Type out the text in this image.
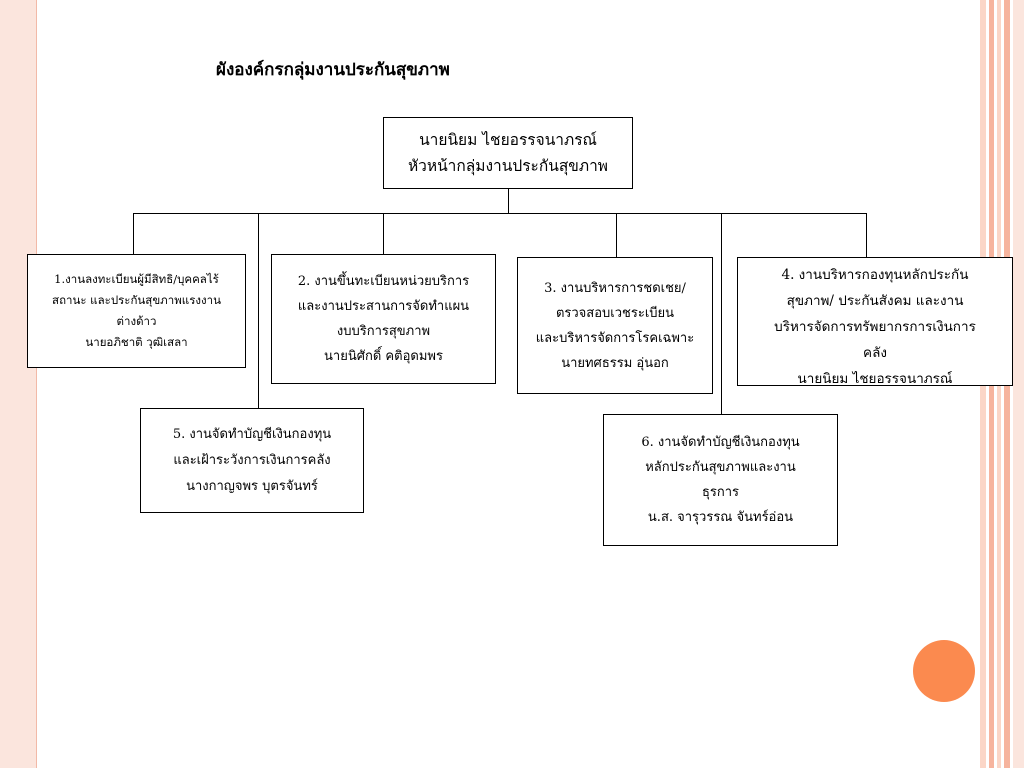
ผังองค์กรกลุ่มงานประกันสุขภาพ
นายนิยม ไชยอรรจนาภรณ์
หัวหน้ากลุ่มงานประกันสุขภาพ
1.งานลงทะเบียนผู้มีสิทธิ/บุคคลไร้
สถานะ และประกันสุขภาพแรงงาน
ต่างด้าว
นายอภิชาติ วุฒิเสลา
2. งานขึ้นทะเบียนหน่วยบริการ
และงานประสานการจัดทำแผน
งบบริการสุขภาพ
นายนิศักดิ์ คติอุดมพร
3. งานบริหารการชดเชย/
ตรวจสอบเวชระเบียน
และบริหารจัดการโรคเฉพาะ
นายทศธรรม อุ่นอก
4. งานบริหารกองทุนหลักประกัน
สุขภาพ/ ประกันสังคม และงาน
บริหารจัดการทรัพยากรการเงินการ
คลัง
นายนิยม ไชยอรรจนาภรณ์
5. งานจัดทำบัญชีเงินกองทุน
และเฝ้าระวังการเงินการคลัง
นางกาญจพร บุตรจันทร์
6. งานจัดทำบัญชีเงินกองทุน
หลักประกันสุขภาพและงาน
ธุรการ
น.ส. จารุวรรณ จันทร์อ่อน
